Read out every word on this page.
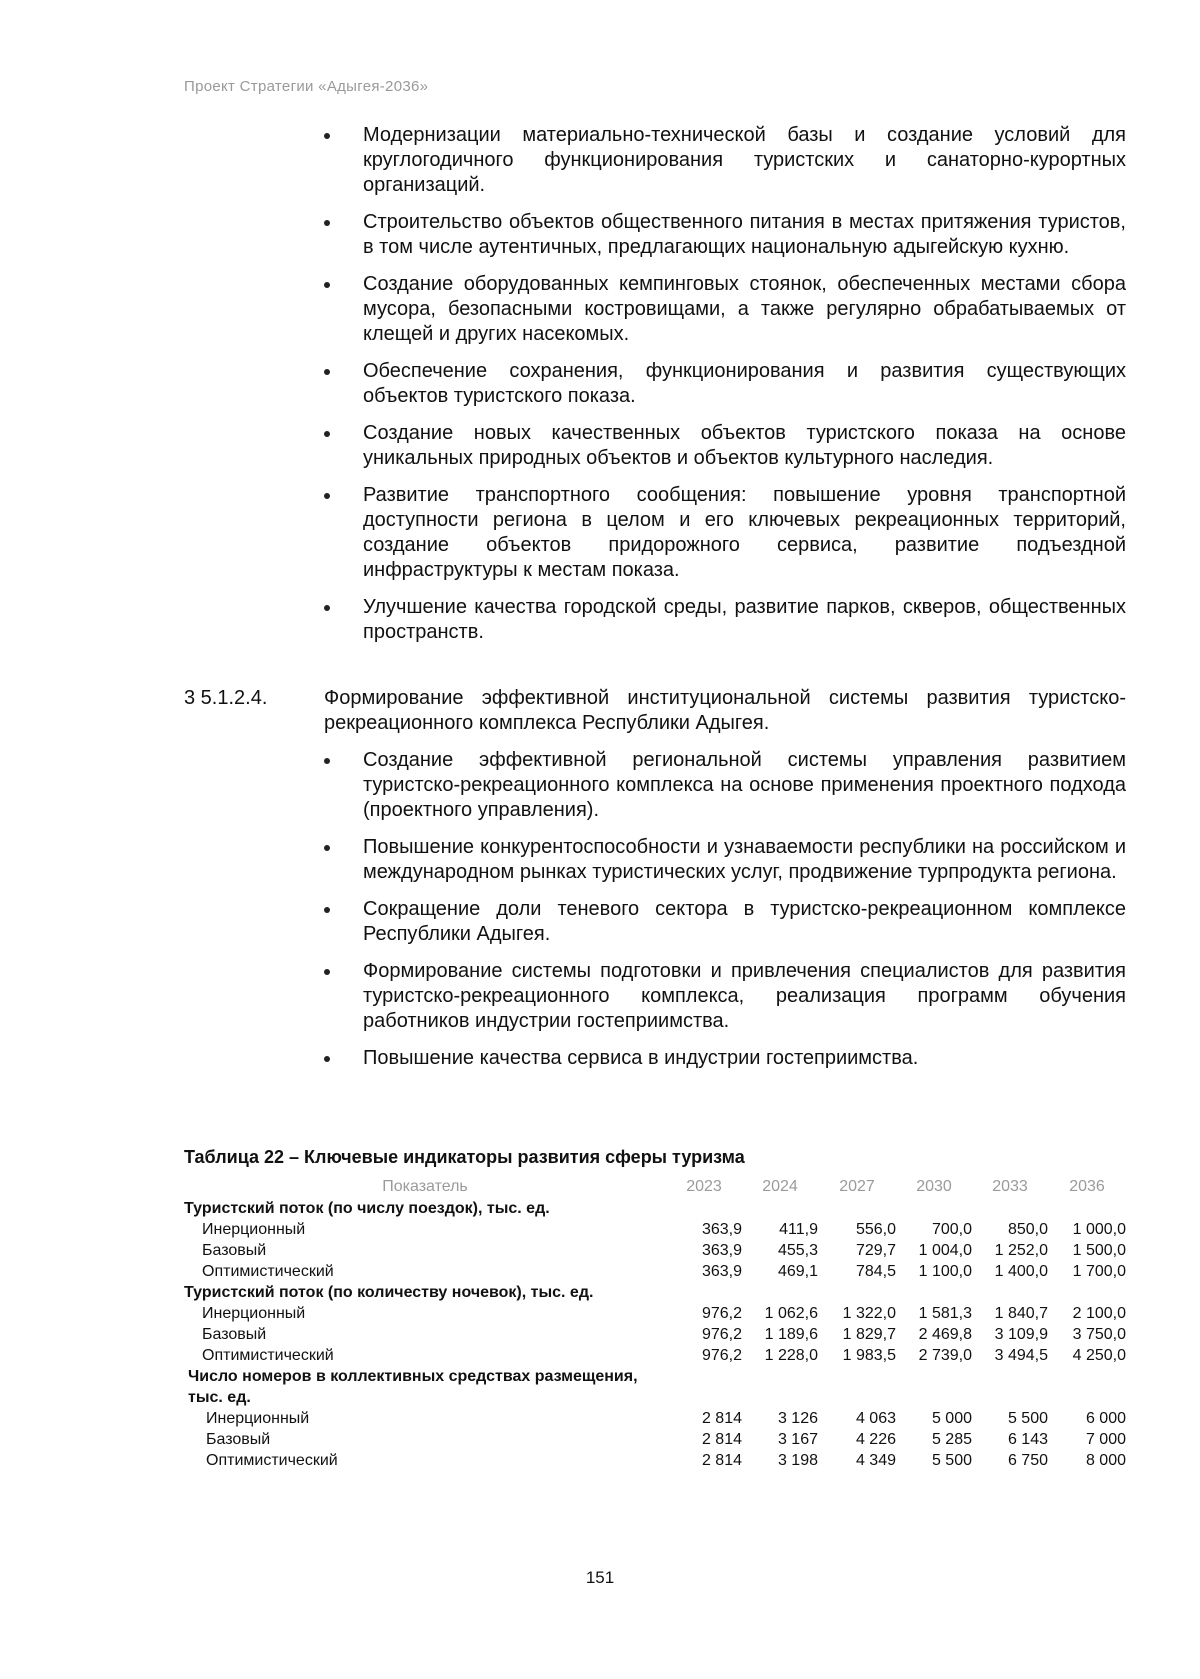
Проект Стратегии «Адыгея-2036»
Модернизации материально-технической базы и создание условий для круглогодичного функционирования туристских и санаторно-курортных организаций.
Строительство объектов общественного питания в местах притяжения туристов, в том числе аутентичных, предлагающих национальную адыгейскую кухню.
Создание оборудованных кемпинговых стоянок, обеспеченных местами сбора мусора, безопасными костровищами, а также регулярно обрабатываемых от клещей и других насекомых.
Обеспечение сохранения, функционирования и развития существующих объектов туристского показа.
Создание новых качественных объектов туристского показа на основе уникальных природных объектов и объектов культурного наследия.
Развитие транспортного сообщения: повышение уровня транспортной доступности региона в целом и его ключевых рекреационных территорий, создание объектов придорожного сервиса, развитие подъездной инфраструктуры к местам показа.
Улучшение качества городской среды, развитие парков, скверов, общественных пространств.
3 5.1.2.4.	Формирование эффективной институциональной системы развития туристско-рекреационного комплекса Республики Адыгея.
Создание эффективной региональной системы управления развитием туристско-рекреационного комплекса на основе применения проектного подхода (проектного управления).
Повышение конкурентоспособности и узнаваемости республики на российском и международном рынках туристических услуг, продвижение турпродукта региона.
Сокращение доли теневого сектора в туристско-рекреационном комплексе Республики Адыгея.
Формирование системы подготовки и привлечения специалистов для развития туристско-рекреационного комплекса, реализация программ обучения работников индустрии гостеприимства.
Повышение качества сервиса в индустрии гостеприимства.
Таблица 22 – Ключевые индикаторы развития сферы туризма
Показатель	2023	2024	2027	2030	2033	2036
Туристский поток (по числу поездок), тыс. ед.						
Инерционный	363,9	411,9	556,0	700,0	850,0	1 000,0
Базовый	363,9	455,3	729,7	1 004,0	1 252,0	1 500,0
Оптимистический	363,9	469,1	784,5	1 100,0	1 400,0	1 700,0
Туристский поток (по количеству ночевок), тыс. ед.						
Инерционный	976,2	1 062,6	1 322,0	1 581,3	1 840,7	2 100,0
Базовый	976,2	1 189,6	1 829,7	2 469,8	3 109,9	3 750,0
Оптимистический	976,2	1 228,0	1 983,5	2 739,0	3 494,5	4 250,0
Число номеров в коллективных средствах размещения, тыс. ед.						
Инерционный	2 814	3 126	4 063	5 000	5 500	6 000
Базовый	2 814	3 167	4 226	5 285	6 143	7 000
Оптимистический	2 814	3 198	4 349	5 500	6 750	8 000
151
